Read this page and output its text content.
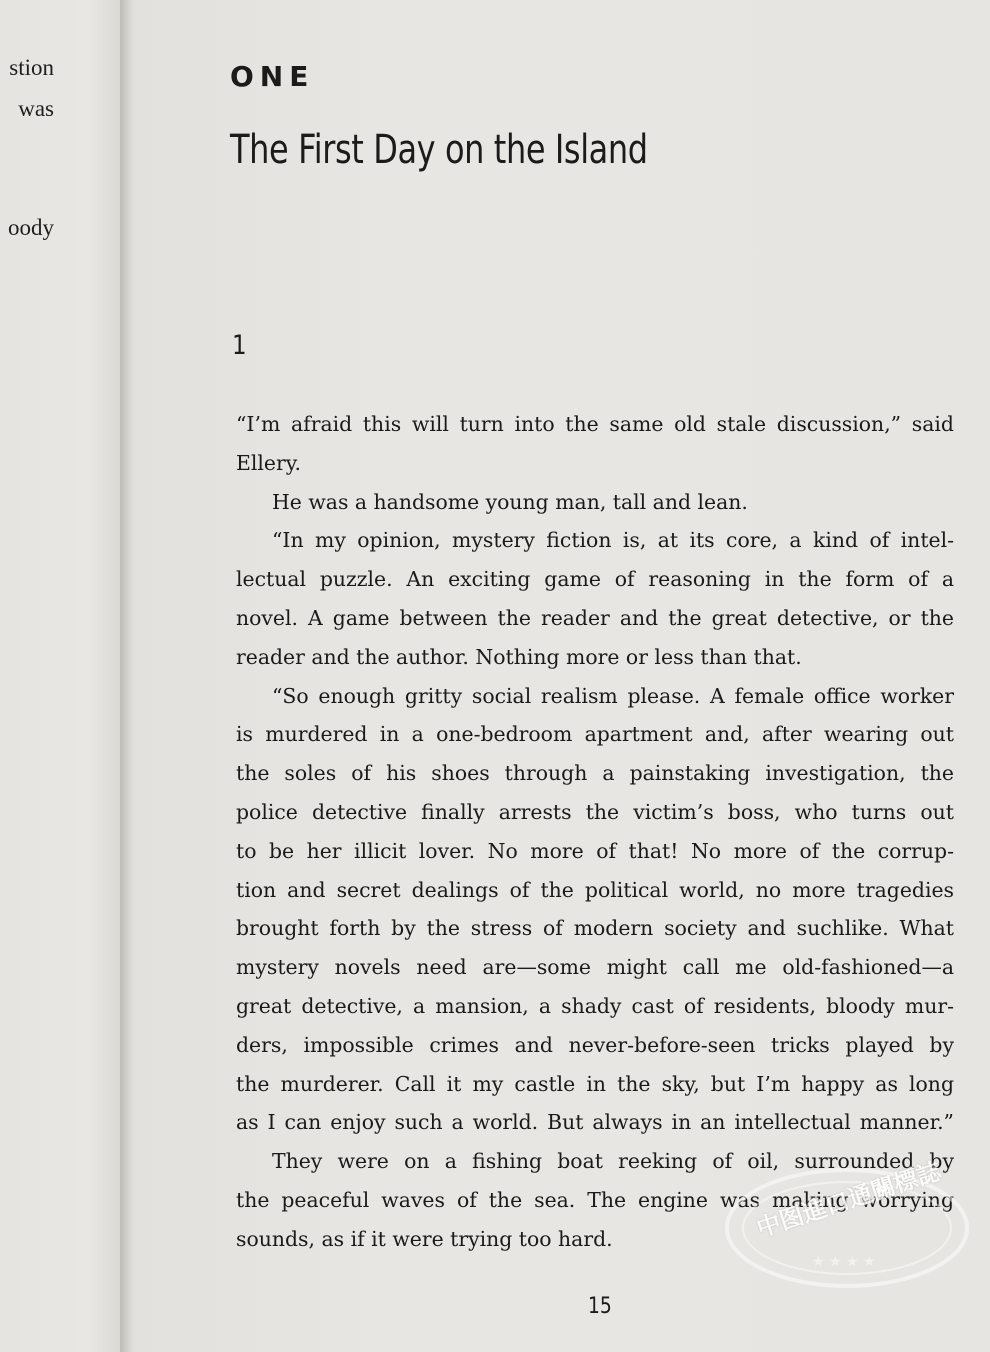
stion
was
oody
ONE
The First Day on the Island
1
“I’m afraid this will turn into the same old stale discussion,” said
Ellery.
He was a handsome young man, tall and lean.
“In my opinion, mystery fiction is, at its core, a kind of intel-
lectual puzzle. An exciting game of reasoning in the form of a
novel. A game between the reader and the great detective, or the
reader and the author. Nothing more or less than that.
“So enough gritty social realism please. A female office worker
is murdered in a one-bedroom apartment and, after wearing out
the soles of his shoes through a painstaking investigation, the
police detective finally arrests the victim’s boss, who turns out
to be her illicit lover. No more of that! No more of the corrup-
tion and secret dealings of the political world, no more tragedies
brought forth by the stress of modern society and suchlike. What
mystery novels need are—some might call me old-fashioned—a
great detective, a mansion, a shady cast of residents, bloody mur-
ders, impossible crimes and never-before-seen tricks played by
the murderer. Call it my castle in the sky, but I’m happy as long
as I can enjoy such a world. But always in an intellectual manner.”
They were on a fishing boat reeking of oil, surrounded by
the peaceful waves of the sea. The engine was making worrying
sounds, as if it were trying too hard.
15
★ ★ ★ ★
中图進口通關標誌
